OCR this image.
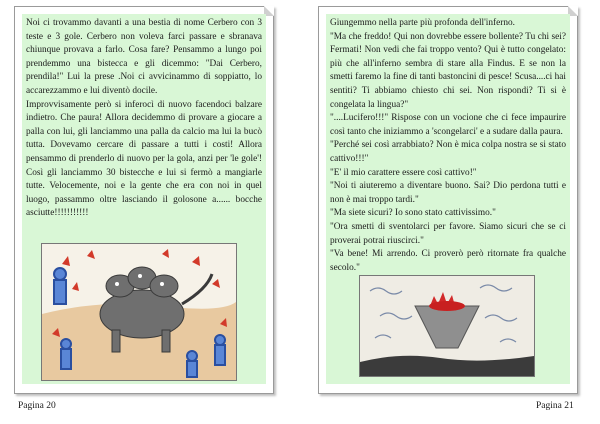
Noi ci trovammo davanti a una bestia di nome Cerbero con 3 teste e 3 gole. Cerbero non voleva farci passare e sbranava chiunque provava a farlo. Cosa fare? Pensammo a lungo poi prendemmo una bistecca e gli dicemmo: "Dai Cerbero, prendila!" Lui la prese .Noi ci avvicinammo di soppiatto, lo accarezzammo e lui diventò docile.

Improvvisamente però si inferocì di nuovo facendoci balzare indietro. Che paura! Allora decidemmo di provare a giocare a palla con lui, gli lanciammo una palla da calcio ma lui la bucò tutta. Dovevamo cercare di passare a tutti i costi! Allora pensammo di prenderlo di nuovo per la gola, anzi per 'le gole'! Così gli lanciammo 30 bistecche e lui si fermò a mangiarle tutte. Velocemente, noi e la gente che era con noi in quel luogo, passammo oltre lasciando il golosone a...... bocche asciutte!!!!!!!!!!!

Giungemmo nella parte più profonda dell'inferno.

"Ma che freddo! Qui non dovrebbe essere bollente? Tu chi sei? Fermati! Non vedi che fai troppo vento? Qui è tutto congelato: più che all'inferno sembra di stare alla Findus. E se non la smetti faremo la fine di tanti bastoncini di pesce! Scusa....ci hai sentiti? Ti abbiamo chiesto chi sei. Non rispondi? Ti si è congelata la lingua?"

"....Lucifero!!!" Rispose con un vocione che ci fece impaurire così tanto che iniziammo a 'scongelarci' e a sudare dalla paura.

"Perché sei così arrabbiato? Non è mica colpa nostra se si stato cattivo!!!"

"E' il mio carattere essere così cattivo!"

"Noi ti aiuteremo a diventare buono. Sai? Dio perdona tutti e non è mai troppo tardi."

"Ma siete sicuri? Io sono stato cattivissimo."

"Ora smetti di sventolarci per favore. Siamo sicuri che se ci proverai potrai riuscirci."

"Va bene! Mi arrendo. Ci proverò però ritornate fra qualche secolo."

Pagina 20	Pagina 21
